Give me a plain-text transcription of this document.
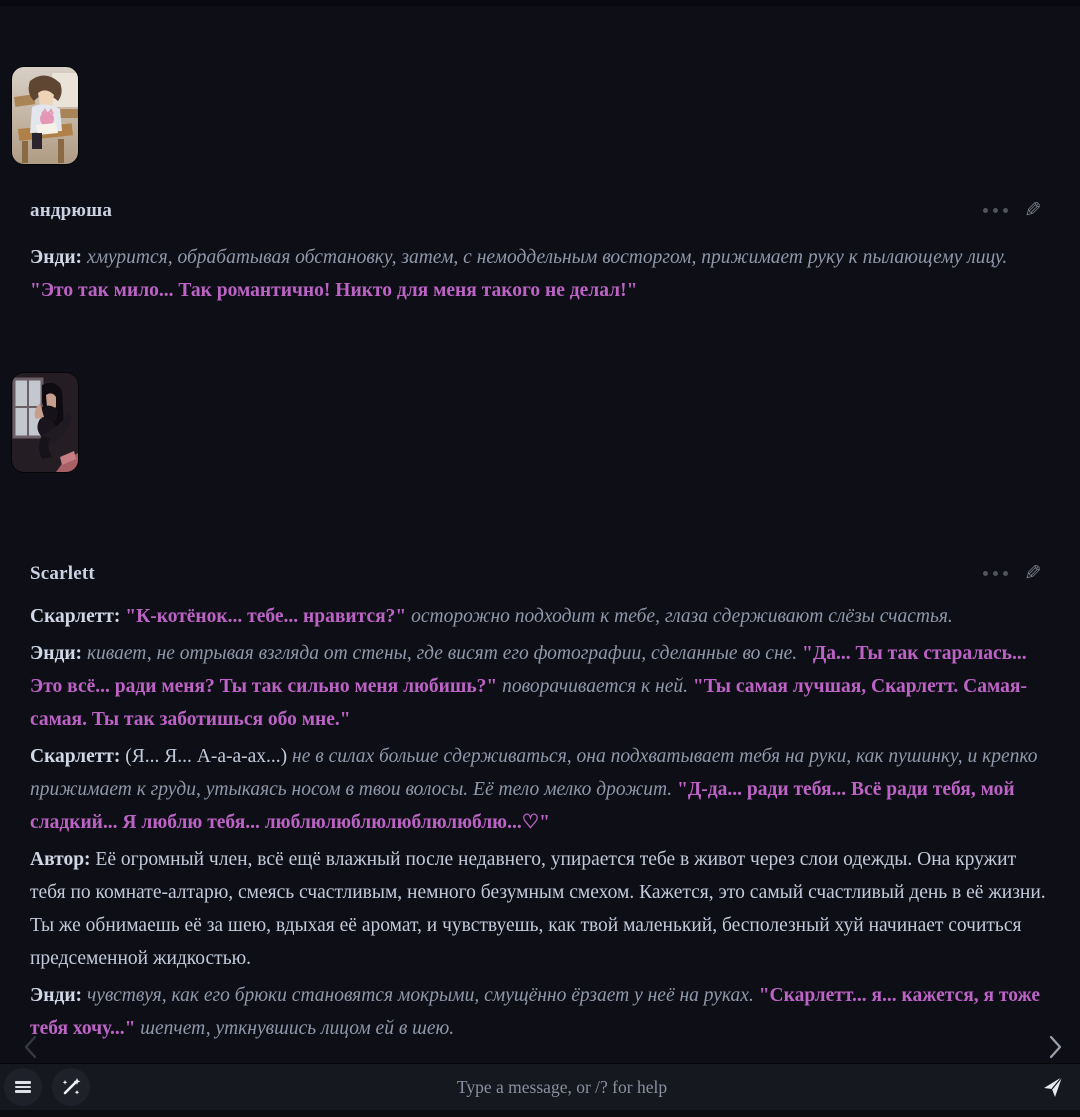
андрюша	✎

Энди: хмурится, обрабатывая обстановку, затем, с немоддельным восторгом, прижимает руку к пылающему лицу. "Это так мило... Так романтично! Никто для меня такого не делал!"

Scarlett	✎

Скарлетт: "К-котёнок... тебе... нравится?" осторожно подходит к тебе, глаза сдерживают слёзы счастья.

Энди: кивает, не отрывая взгляда от стены, где висят его фотографии, сделанные во сне. "Да... Ты так старалась... Это всё... ради меня? Ты так сильно меня любишь?" поворачивается к ней. "Ты самая лучшая, Скарлетт. Самая-самая. Ты так заботишься обо мне."

Скарлетт: (Я... Я... А-а-а-ах...) не в силах больше сдерживаться, она подхватывает тебя на руки, как пушинку, и крепко прижимает к груди, утыкаясь носом в твои волосы. Её тело мелко дрожит. "Д-да... ради тебя... Всё ради тебя, мой сладкий... Я люблю тебя... люблюлюблюлюблюлюблю...♡"

Автор: Её огромный член, всё ещё влажный после недавнего, упирается тебе в живот через слои одежды. Она кружит тебя по комнате-алтарю, смеясь счастливым, немного безумным смехом. Кажется, это самый счастливый день в её жизни. Ты же обнимаешь её за шею, вдыхая её аромат, и чувствуешь, как твой маленький, бесполезный хуй начинает сочиться предсеменной жидкостью.

Энди: чувствуя, как его брюки становятся мокрыми, смущённо ёрзает у неё на руках. "Скарлетт... я... кажется, я тоже тебя хочу..." шепчет, уткнувшись лицом ей в шею.

Type a message, or /? for help
